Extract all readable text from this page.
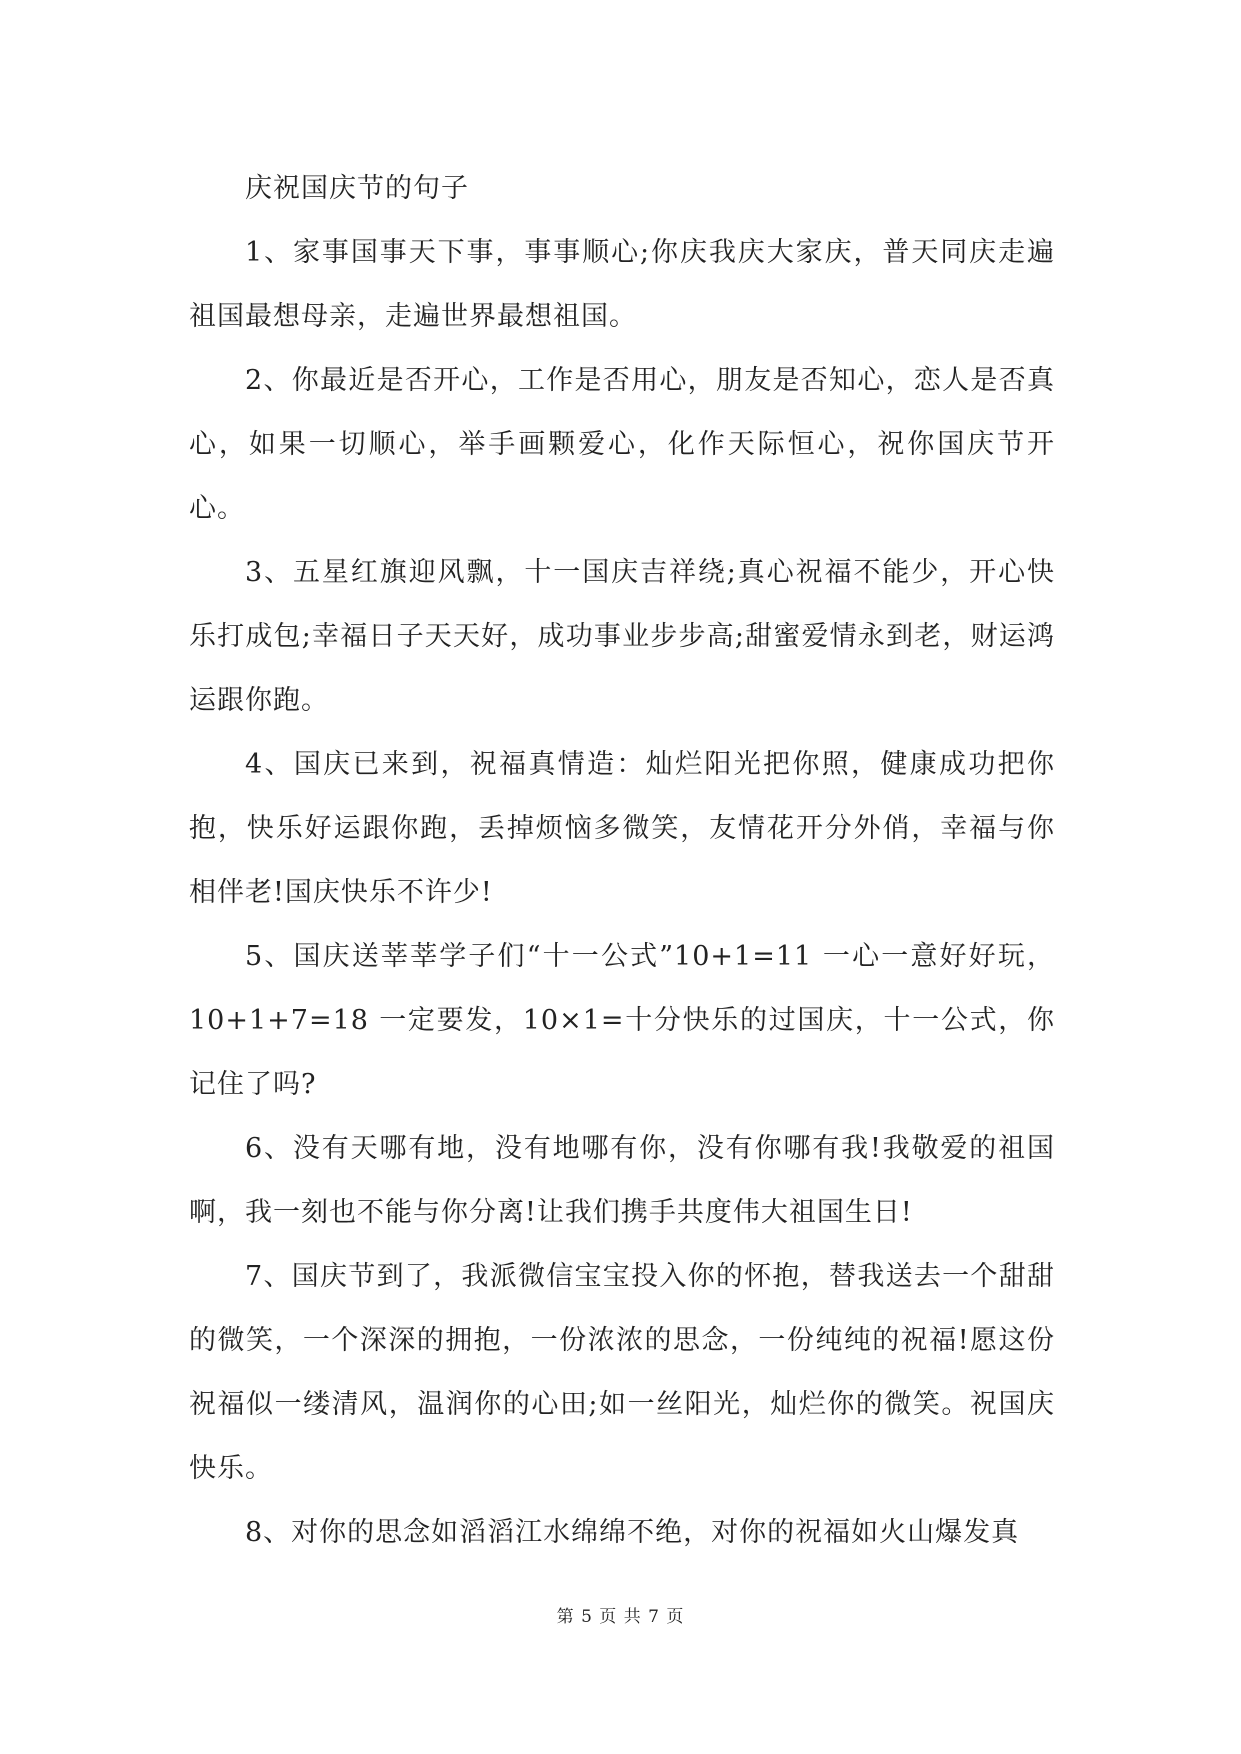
庆祝国庆节的句子

1、家事国事天下事，事事顺心;你庆我庆大家庆，普天同庆走遍祖国最想母亲，走遍世界最想祖国。

2、你最近是否开心，工作是否用心，朋友是否知心，恋人是否真心，如果一切顺心，举手画颗爱心，化作天际恒心，祝你国庆节开心。

3、五星红旗迎风飘，十一国庆吉祥绕;真心祝福不能少，开心快乐打成包;幸福日子天天好，成功事业步步高;甜蜜爱情永到老，财运鸿运跟你跑。

4、国庆已来到，祝福真情造：灿烂阳光把你照，健康成功把你抱，快乐好运跟你跑，丢掉烦恼多微笑，友情花开分外俏，幸福与你相伴老!国庆快乐不许少!

5、国庆送莘莘学子们“十一公式”10+1=11 一心一意好好玩，10+1+7=18 一定要发，10×1=十分快乐的过国庆，十一公式，你记住了吗?

6、没有天哪有地，没有地哪有你，没有你哪有我!我敬爱的祖国啊，我一刻也不能与你分离!让我们携手共度伟大祖国生日!

7、国庆节到了，我派微信宝宝投入你的怀抱，替我送去一个甜甜的微笑，一个深深的拥抱，一份浓浓的思念，一份纯纯的祝福!愿这份祝福似一缕清风，温润你的心田;如一丝阳光，灿烂你的微笑。祝国庆快乐。

8、对你的思念如滔滔江水绵绵不绝，对你的祝福如火山爆发真

第 5 页 共 7 页
